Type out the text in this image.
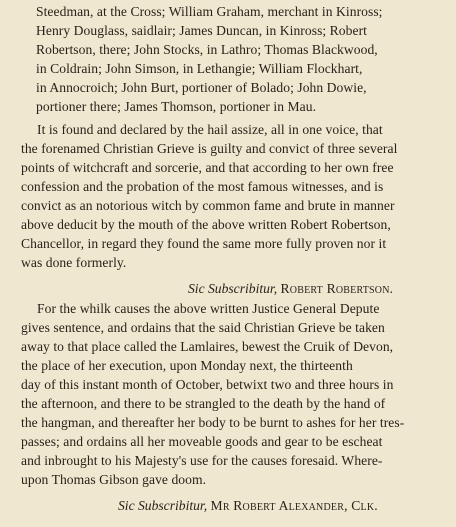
Steedman, at the Cross; William Graham, merchant in Kinross;
Henry Douglass, saidlair; James Duncan, in Kinross; Robert
Robertson, there; John Stocks, in Lathro; Thomas Blackwood,
in Coldrain; John Simson, in Lethangie; William Flockhart,
in Annocroich; John Burt, portioner of Bolado; John Dowie,
portioner there; James Thomson, portioner in Mau.
It is found and declared by the hail assize, all in one voice, that
the forenamed Christian Grieve is guilty and convict of three several
points of witchcraft and sorcerie, and that according to her own free
confession and the probation of the most famous witnesses, and is
convict as an notorious witch by common fame and brute in manner
above deducit by the mouth of the above written Robert Robertson,
Chancellor, in regard they found the same more fully proven nor it
was done formerly.
Sic Subscribitur, Robert Robertson.
For the whilk causes the above written Justice General Depute
gives sentence, and ordains that the said Christian Grieve be taken
away to that place called the Lamlaires, bewest the Cruik of Devon,
the place of her execution, upon Monday next, the thirteenth
day of this instant month of October, betwixt two and three hours in
the afternoon, and there to be strangled to the death by the hand of
the hangman, and thereafter her body to be burnt to ashes for her tres-
passes; and ordains all her moveable goods and gear to be escheat
and inbrought to his Majesty's use for the causes foresaid. Where-
upon Thomas Gibson gave doom.
Sic Subscribitur, Mr Robert Alexander, Clk.
